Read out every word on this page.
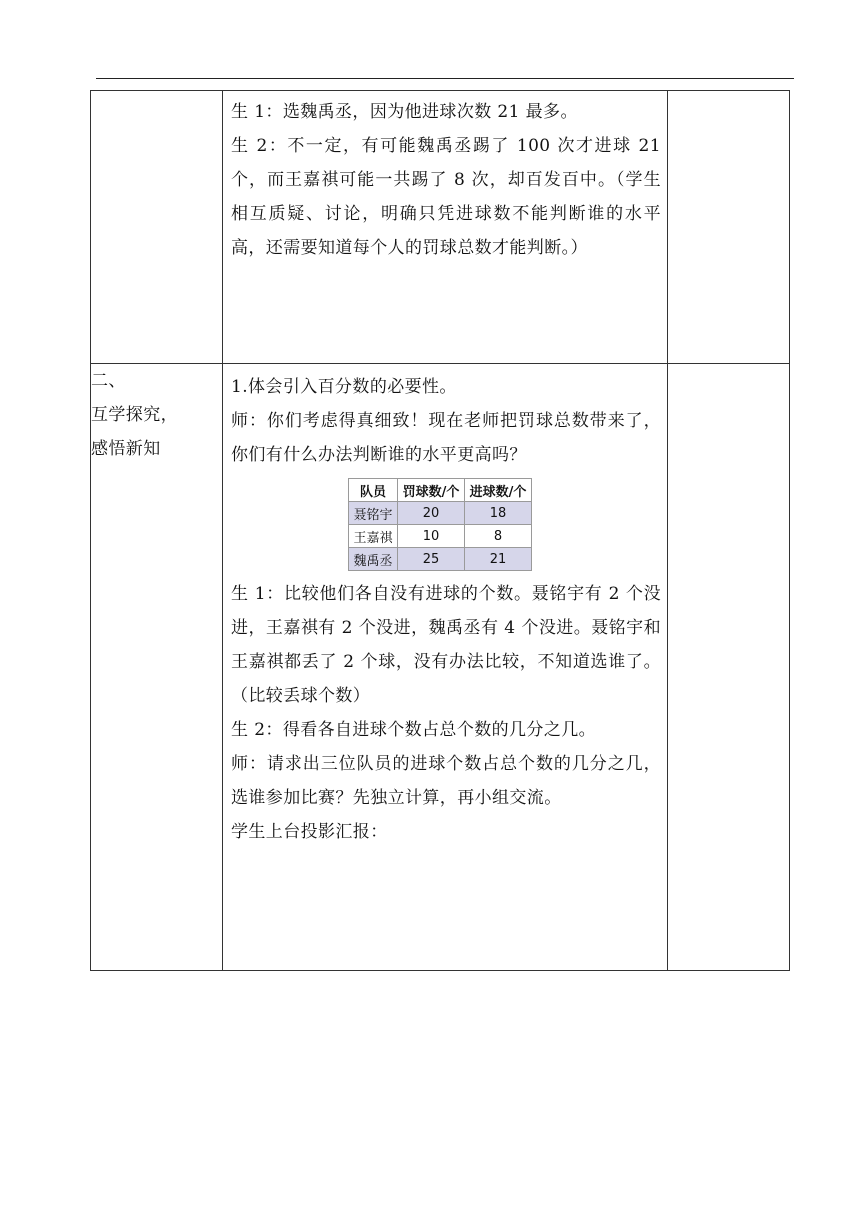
生 1：选魏禹丞，因为他进球次数 21 最多。
生 2：不一定，有可能魏禹丞踢了 100 次才进球 21 个，而王嘉祺可能一共踢了 8 次，却百发百中。（学生相互质疑、讨论，明确只凭进球数不能判断谁的水平高，还需要知道每个人的罚球总数才能判断。）

二、
互学探究，
感悟新知

1.体会引入百分数的必要性。
师：你们考虑得真细致！现在老师把罚球总数带来了，你们有什么办法判断谁的水平更高吗？
队员	罚球数/个	进球数/个
聂铭宇	20	18
王嘉祺	10	8
魏禹丞	25	21
生 1：比较他们各自没有进球的个数。聂铭宇有 2 个没进，王嘉祺有 2 个没进，魏禹丞有 4 个没进。聂铭宇和王嘉祺都丢了 2 个球，没有办法比较，不知道选谁了。（比较丢球个数）
生 2：得看各自进球个数占总个数的几分之几。
师：请求出三位队员的进球个数占总个数的几分之几，选谁参加比赛？先独立计算，再小组交流。
学生上台投影汇报：
